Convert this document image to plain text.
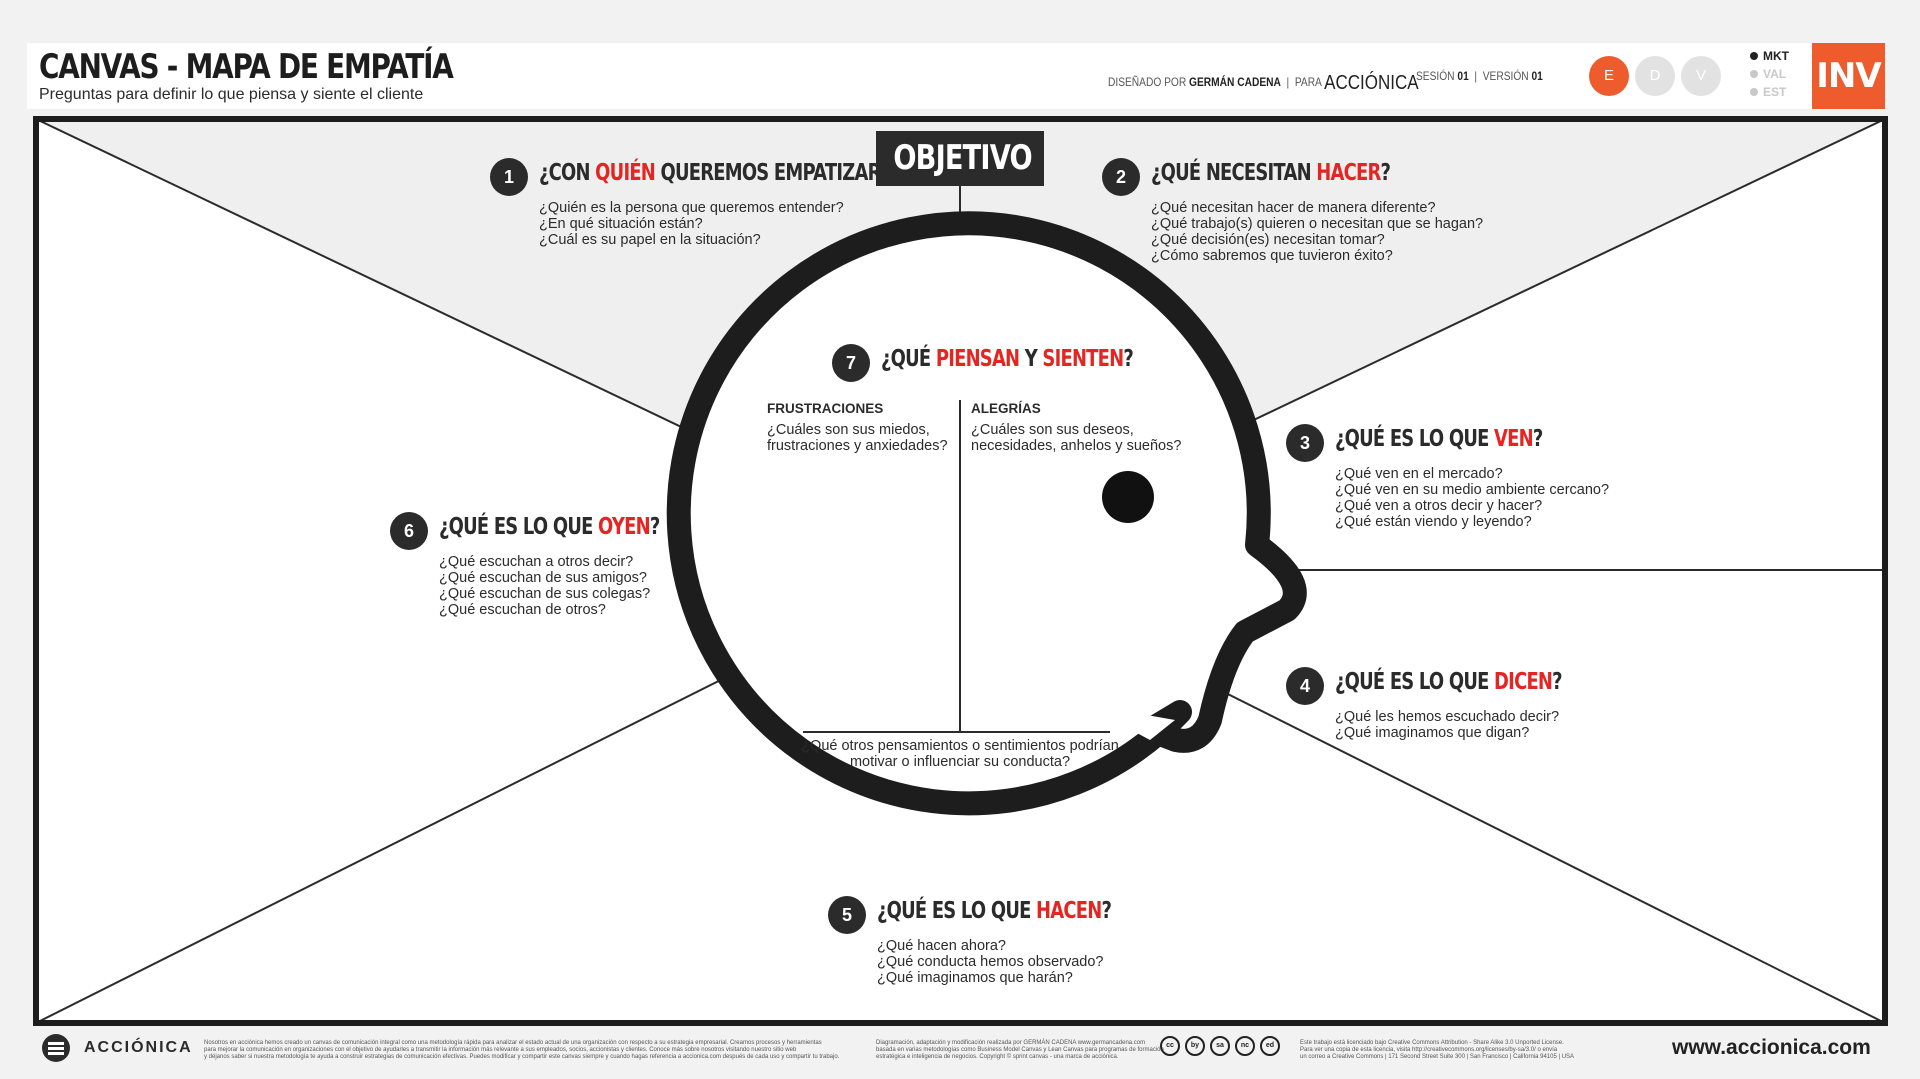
CANVAS - MAPA DE EMPATÍA
Preguntas para definir lo que piensa y siente el cliente
DISEÑADO POR GERMÁN CADENA  |  PARA ACCIÓNICA
SESIÓN 01  |  VERSIÓN 01	E	D	V
MKT
VAL
EST INV
OBJETIVO
1	¿CON QUIÉN QUEREMOS EMPATIZAR?
¿Quién es la persona que queremos entender?
¿En qué situación están?
¿Cuál es su papel en la situación?
2	¿QUÉ NECESITAN HACER?
¿Qué necesitan hacer de manera diferente?
¿Qué trabajo(s) quieren o necesitan que se hagan?
¿Qué decisión(es) necesitan tomar?
¿Cómo sabremos que tuvieron éxito?
3	¿QUÉ ES LO QUE VEN?
¿Qué ven en el mercado?
¿Qué ven en su medio ambiente cercano?
¿Qué ven a otros decir y hacer?
¿Qué están viendo y leyendo?
4	¿QUÉ ES LO QUE DICEN?
¿Qué les hemos escuchado decir?
¿Qué imaginamos que digan?
5	¿QUÉ ES LO QUE HACEN?
¿Qué hacen ahora?
¿Qué conducta hemos observado?
¿Qué imaginamos que harán?
6	¿QUÉ ES LO QUE OYEN?
¿Qué escuchan a otros decir?
¿Qué escuchan de sus amigos?
¿Qué escuchan de sus colegas?
¿Qué escuchan de otros?
7	¿QUÉ PIENSAN Y SIENTEN?
FRUSTRACIONES
¿Cuáles son sus miedos,
frustraciones y anxiedades?
ALEGRÍAS
¿Cuáles son sus deseos,
necesidades, anhelos y sueños?
¿Qué otros pensamientos o sentimientos podrían
motivar o influenciar su conducta?
ACCIÓNICA Nosotros en acciónica hemos creado un canvas de comunicación integral como una metodología rápida para analizar el estado actual de una organización con respecto a su estrategia empresarial. Creamos procesos y herramientas
para mejorar la comunicación en organizaciones con el objetivo de ayudarles a transmitir la información más relevante a sus empleados, socios, accionistas y clientes. Conoce más sobre nosotros visitando nuestro sitio web
y déjanos saber si nuestra metodología te ayuda a construir estrategias de comunicación efectivas. Puedes modificar y compartir este canvas siempre y cuando hagas referencia a accionica.com después de cada uso y compartir tu trabajo.
Diagramación, adaptación y modificación realizada por GERMÁN CADENA www.germancadena.com
basada en varias metodologías como Business Model Canvas y Lean Canvas para programas de formación
estratégica e inteligencia de negocios. Copyright © sprint canvas - una marca de acciónica.
cc	by	sa	nc	ed	Este trabajo está licenciado bajo Creative Commons Attribution - Share Alike 3.0 Unported License.
Para ver una copia de esta licencia, visita http://creativecommons.org/licenses/by-sa/3.0/ o envía
un correo a Creative Commons | 171 Second Street Suite 300 | San Francisco | California 94105 | USA	www.accionica.com
